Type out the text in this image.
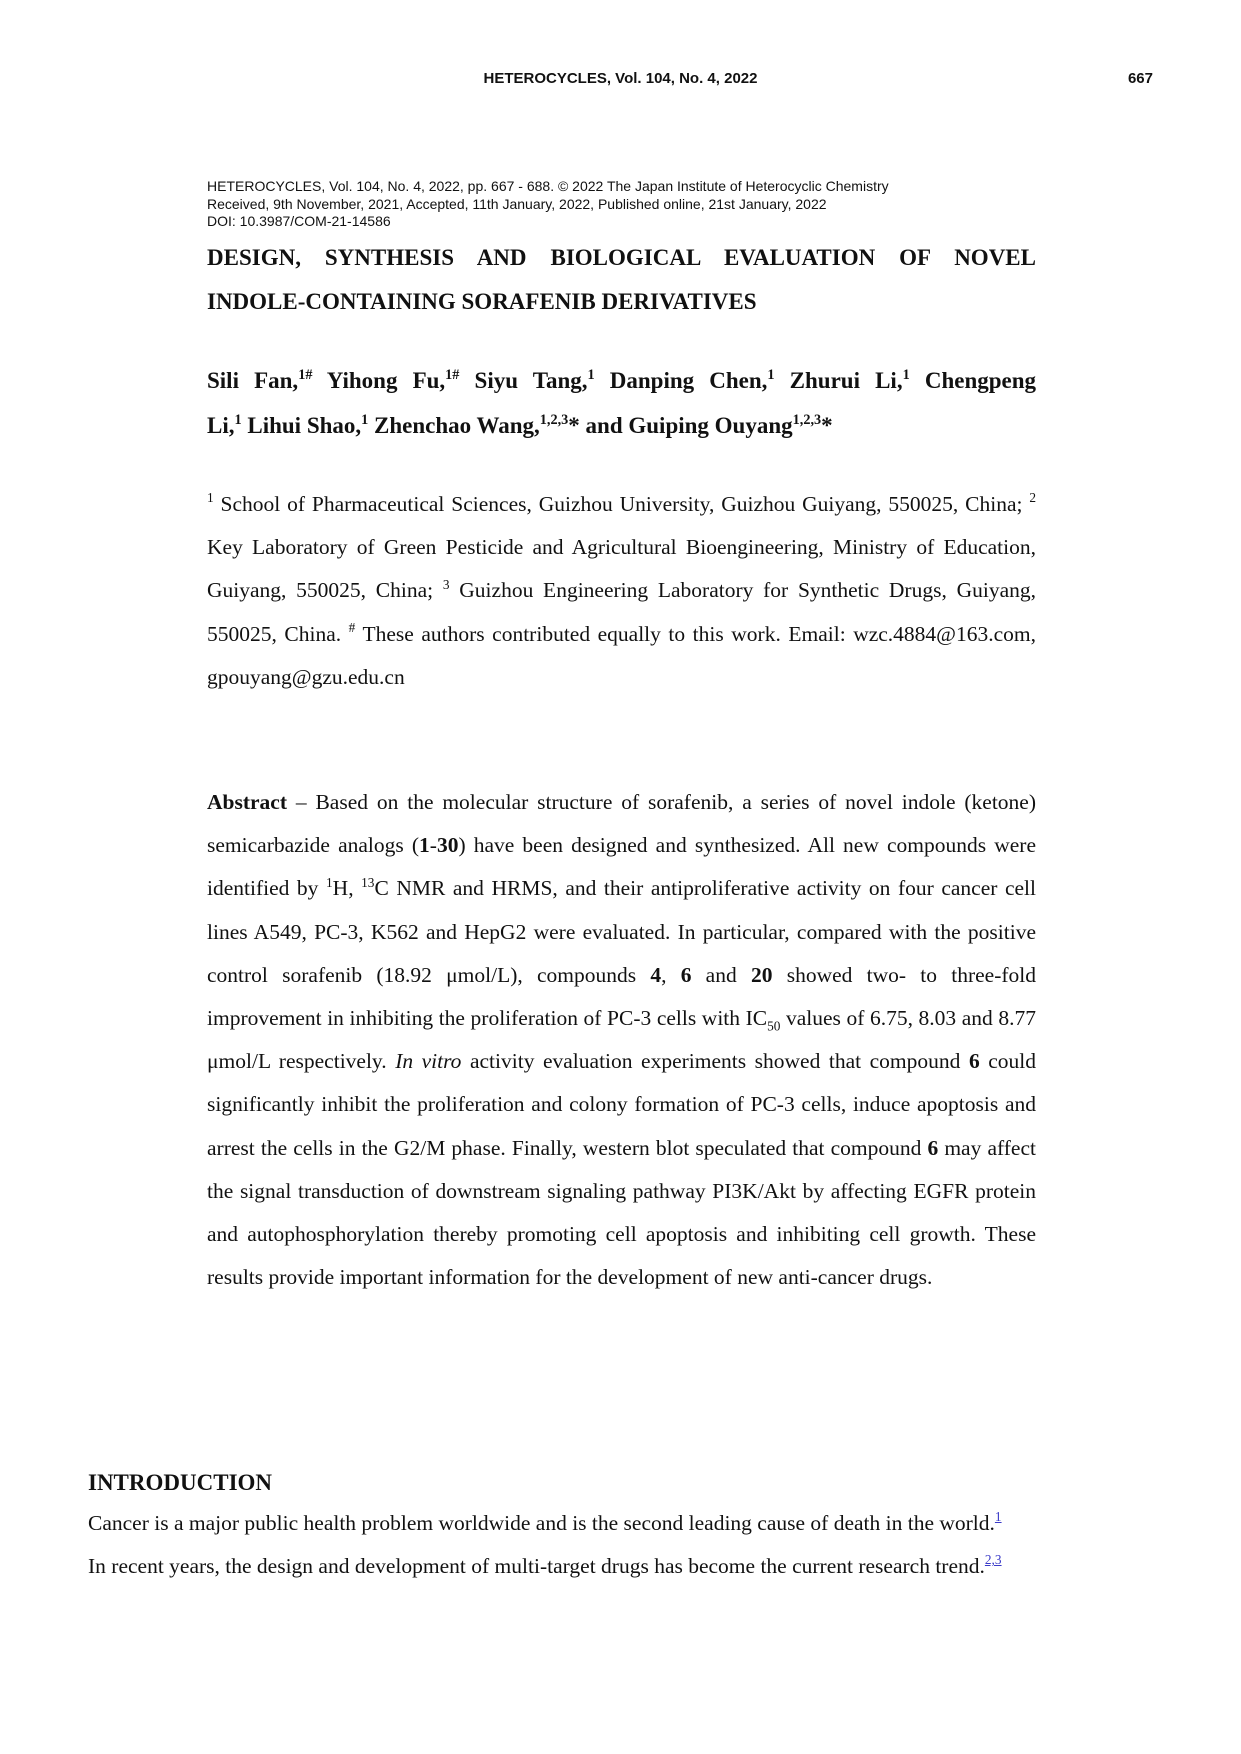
HETEROCYCLES, Vol. 104, No. 4, 2022	667
HETEROCYCLES, Vol. 104, No. 4, 2022, pp. 667 - 688. © 2022 The Japan Institute of Heterocyclic Chemistry
Received, 9th November, 2021, Accepted, 11th January, 2022, Published online, 21st January, 2022
DOI: 10.3987/COM-21-14586
DESIGN, SYNTHESIS AND BIOLOGICAL EVALUATION OF NOVEL
INDOLE-CONTAINING SORAFENIB DERIVATIVES
Sili Fan,$^{1\#}$ Yihong Fu,$^{1\#}$ Siyu Tang,$^1$ Danping Chen,$^1$ Zhurui Li,$^1$ Chengpeng
Li,$^1$ Lihui Shao,$^1$ Zhenchao Wang,$^{1,2,3}$* and Guiping Ouyang$^{1,2,3}$*
$^1$ School of Pharmaceutical Sciences, Guizhou University, Guizhou Guiyang, 550025, China; $^2$ Key Laboratory of Green Pesticide and Agricultural Bioengineering, Ministry of Education, Guiyang, 550025, China; $^3$ Guizhou Engineering Laboratory for Synthetic Drugs, Guiyang, 550025, China. # These authors contributed equally to this work. Email: wzc.4884@163.com, gpouyang@gzu.edu.cn
Abstract – Based on the molecular structure of sorafenib, a series of novel indole (ketone) semicarbazide analogs (1-30) have been designed and synthesized. All new compounds were identified by $^1$H, $^{13}$C NMR and HRMS, and their antiproliferative activity on four cancer cell lines A549, PC-3, K562 and HepG2 were evaluated. In particular, compared with the positive control sorafenib (18.92 μmol/L), compounds 4, 6 and 20 showed two- to three-fold improvement in inhibiting the proliferation of PC-3 cells with $IC_{50}$ values of 6.75, 8.03 and 8.77 μmol/L respectively. In vitro activity evaluation experiments showed that compound 6 could significantly inhibit the proliferation and colony formation of PC-3 cells, induce apoptosis and arrest the cells in the G2/M phase. Finally, western blot speculated that compound 6 may affect the signal transduction of downstream signaling pathway PI3K/Akt by affecting EGFR protein and autophosphorylation thereby promoting cell apoptosis and inhibiting cell growth. These results provide important information for the development of new anti-cancer drugs.
INTRODUCTION
Cancer is a major public health problem worldwide and is the second leading cause of death in the world.$^1$
In recent years, the design and development of multi-target drugs has become the current research trend.$^{2,3}$
